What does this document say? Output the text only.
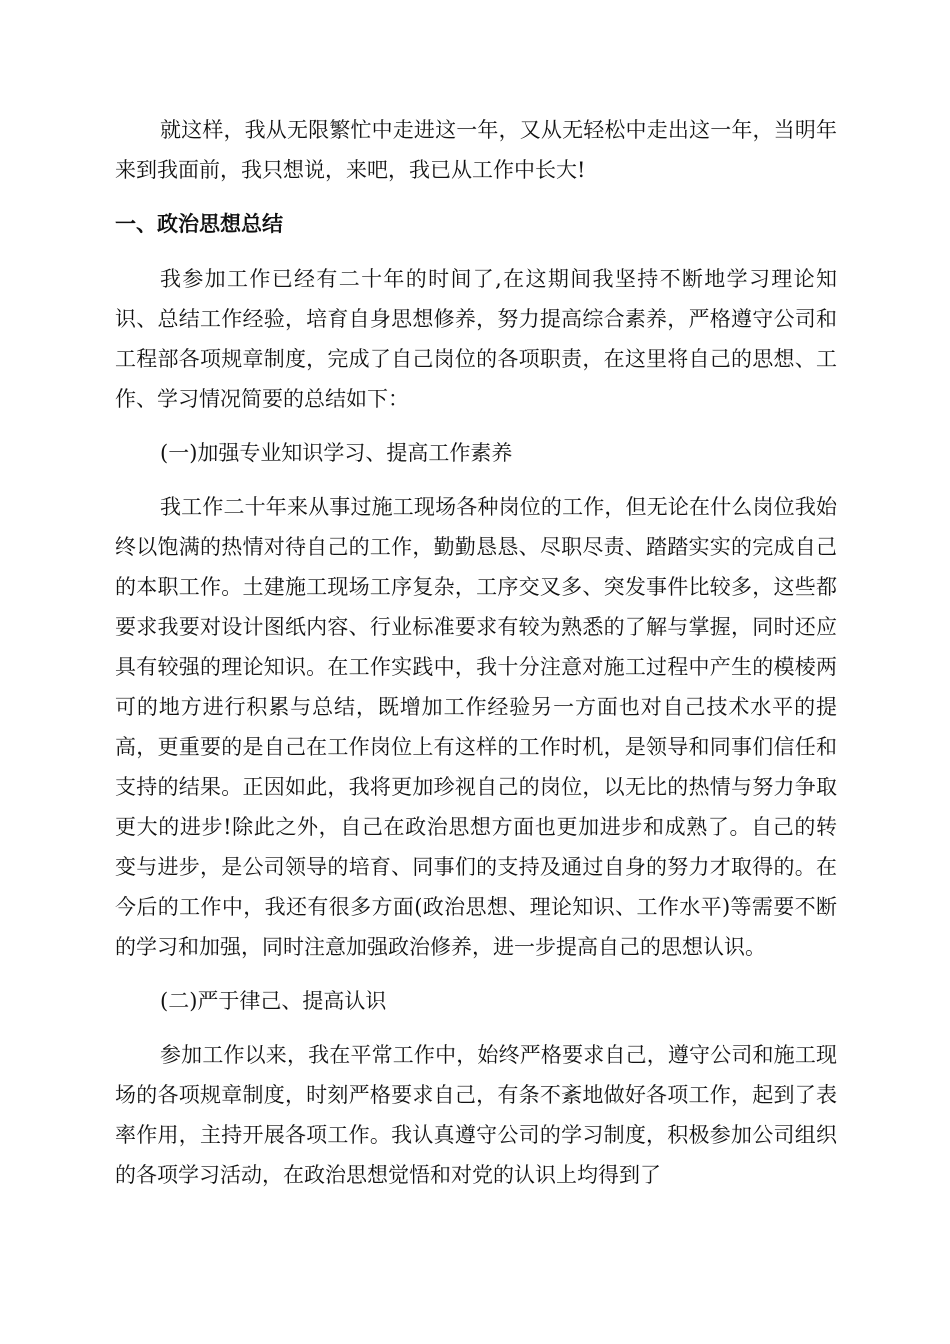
就这样，我从无限繁忙中走进这一年，又从无轻松中走出这一年，当明年来到我面前，我只想说，来吧，我已从工作中长大!

一、政治思想总结

我参加工作已经有二十年的时间了,在这期间我坚持不断地学习理论知识、总结工作经验，培育自身思想修养，努力提高综合素养，严格遵守公司和工程部各项规章制度，完成了自己岗位的各项职责，在这里将自己的思想、工作、学习情况简要的总结如下：

(一)加强专业知识学习、提高工作素养

我工作二十年来从事过施工现场各种岗位的工作，但无论在什么岗位我始终以饱满的热情对待自己的工作，勤勤恳恳、尽职尽责、踏踏实实的完成自己的本职工作。土建施工现场工序复杂，工序交叉多、突发事件比较多，这些都要求我要对设计图纸内容、行业标准要求有较为熟悉的了解与掌握，同时还应具有较强的理论知识。在工作实践中，我十分注意对施工过程中产生的模棱两可的地方进行积累与总结，既增加工作经验另一方面也对自己技术水平的提高，更重要的是自己在工作岗位上有这样的工作时机，是领导和同事们信任和支持的结果。正因如此，我将更加珍视自己的岗位，以无比的热情与努力争取更大的进步!除此之外，自己在政治思想方面也更加进步和成熟了。自己的转变与进步，是公司领导的培育、同事们的支持及通过自身的努力才取得的。在今后的工作中，我还有很多方面(政治思想、理论知识、工作水平)等需要不断的学习和加强，同时注意加强政治修养，进一步提高自己的思想认识。

(二)严于律己、提高认识

参加工作以来，我在平常工作中，始终严格要求自己，遵守公司和施工现场的各项规章制度，时刻严格要求自己，有条不紊地做好各项工作，起到了表率作用，主持开展各项工作。我认真遵守公司的学习制度，积极参加公司组织的各项学习活动，在政治思想觉悟和对党的认识上均得到了
